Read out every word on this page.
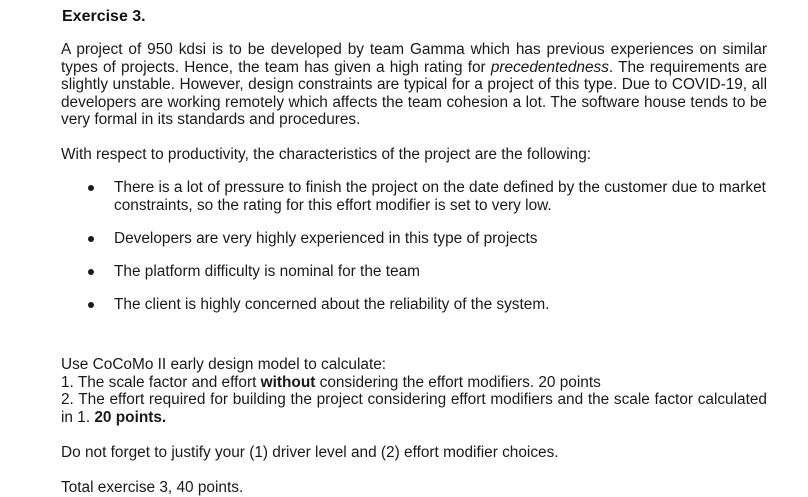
Exercise 3.
A project of 950 kdsi is to be developed by team Gamma which has previous experiences on similar types of projects. Hence, the team has given a high rating for precedentedness. The requirements are slightly unstable. However, design constraints are typical for a project of this type. Due to COVID-19, all developers are working remotely which affects the team cohesion a lot. The software house tends to be very formal in its standards and procedures.
With respect to productivity, the characteristics of the project are the following:
There is a lot of pressure to finish the project on the date defined by the customer due to market constraints, so the rating for this effort modifier is set to very low.
Developers are very highly experienced in this type of projects
The platform difficulty is nominal for the team
The client is highly concerned about the reliability of the system.
Use CoCoMo II early design model to calculate:
1. The scale factor and effort without considering the effort modifiers. 20 points
2. The effort required for building the project considering effort modifiers and the scale factor calculated in 1. 20 points.
Do not forget to justify your (1) driver level and (2) effort modifier choices.
Total exercise 3, 40 points.
